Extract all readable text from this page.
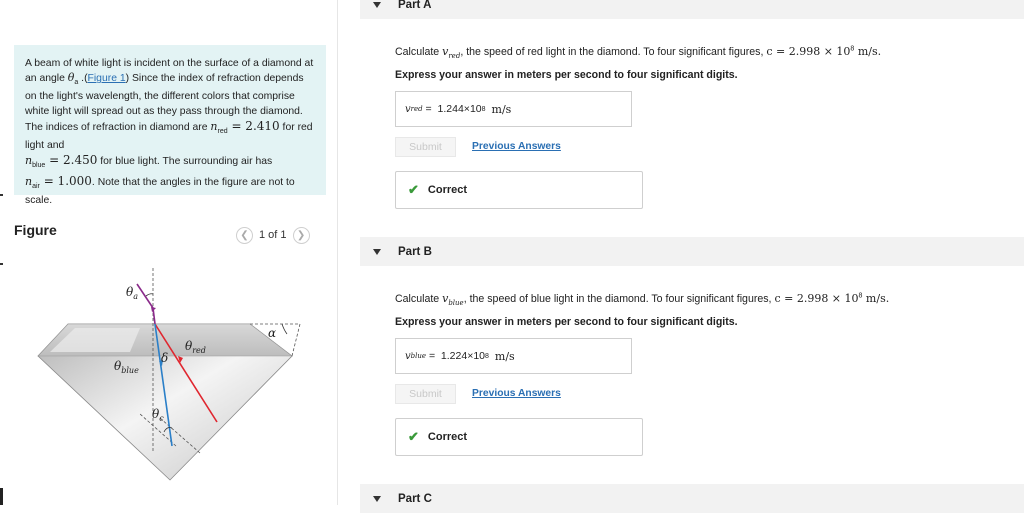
A beam of white light is incident on the surface of a diamond at an angle $\theta_a$ .(Figure 1) Since the index of refraction depends on the light's wavelength, the different colors that comprise white light will spread out as they pass through the diamond. The indices of refraction in diamond are $n_{red} = 2.410$ for red light and
$n_{blue} = 2.450$ for blue light. The surrounding air has
$n_{air} = 1.000$. Note that the angles in the figure are not to scale.
Figure	❮ 1 of 1 ❯
$\theta_a$
$\theta_{red}$
$\theta_{blue}$
δ
$\theta_c$
α
Part A
Calculate $v_{red}$, the speed of red light in the diamond. To four significant figures, $c = 2.998 \times 10^8$ m/s.
Express your answer in meters per second to four significant digits.
v red = 1.244×10 8 m/s
Submit	Previous Answers
✔ Correct
Part B
Calculate $v_{blue}$, the speed of blue light in the diamond. To four significant figures, $c = 2.998 \times 10^8$ m/s.
Express your answer in meters per second to four significant digits.
v blue = 1.224×10 8 m/s
Submit	Previous Answers
✔ Correct
Part C
